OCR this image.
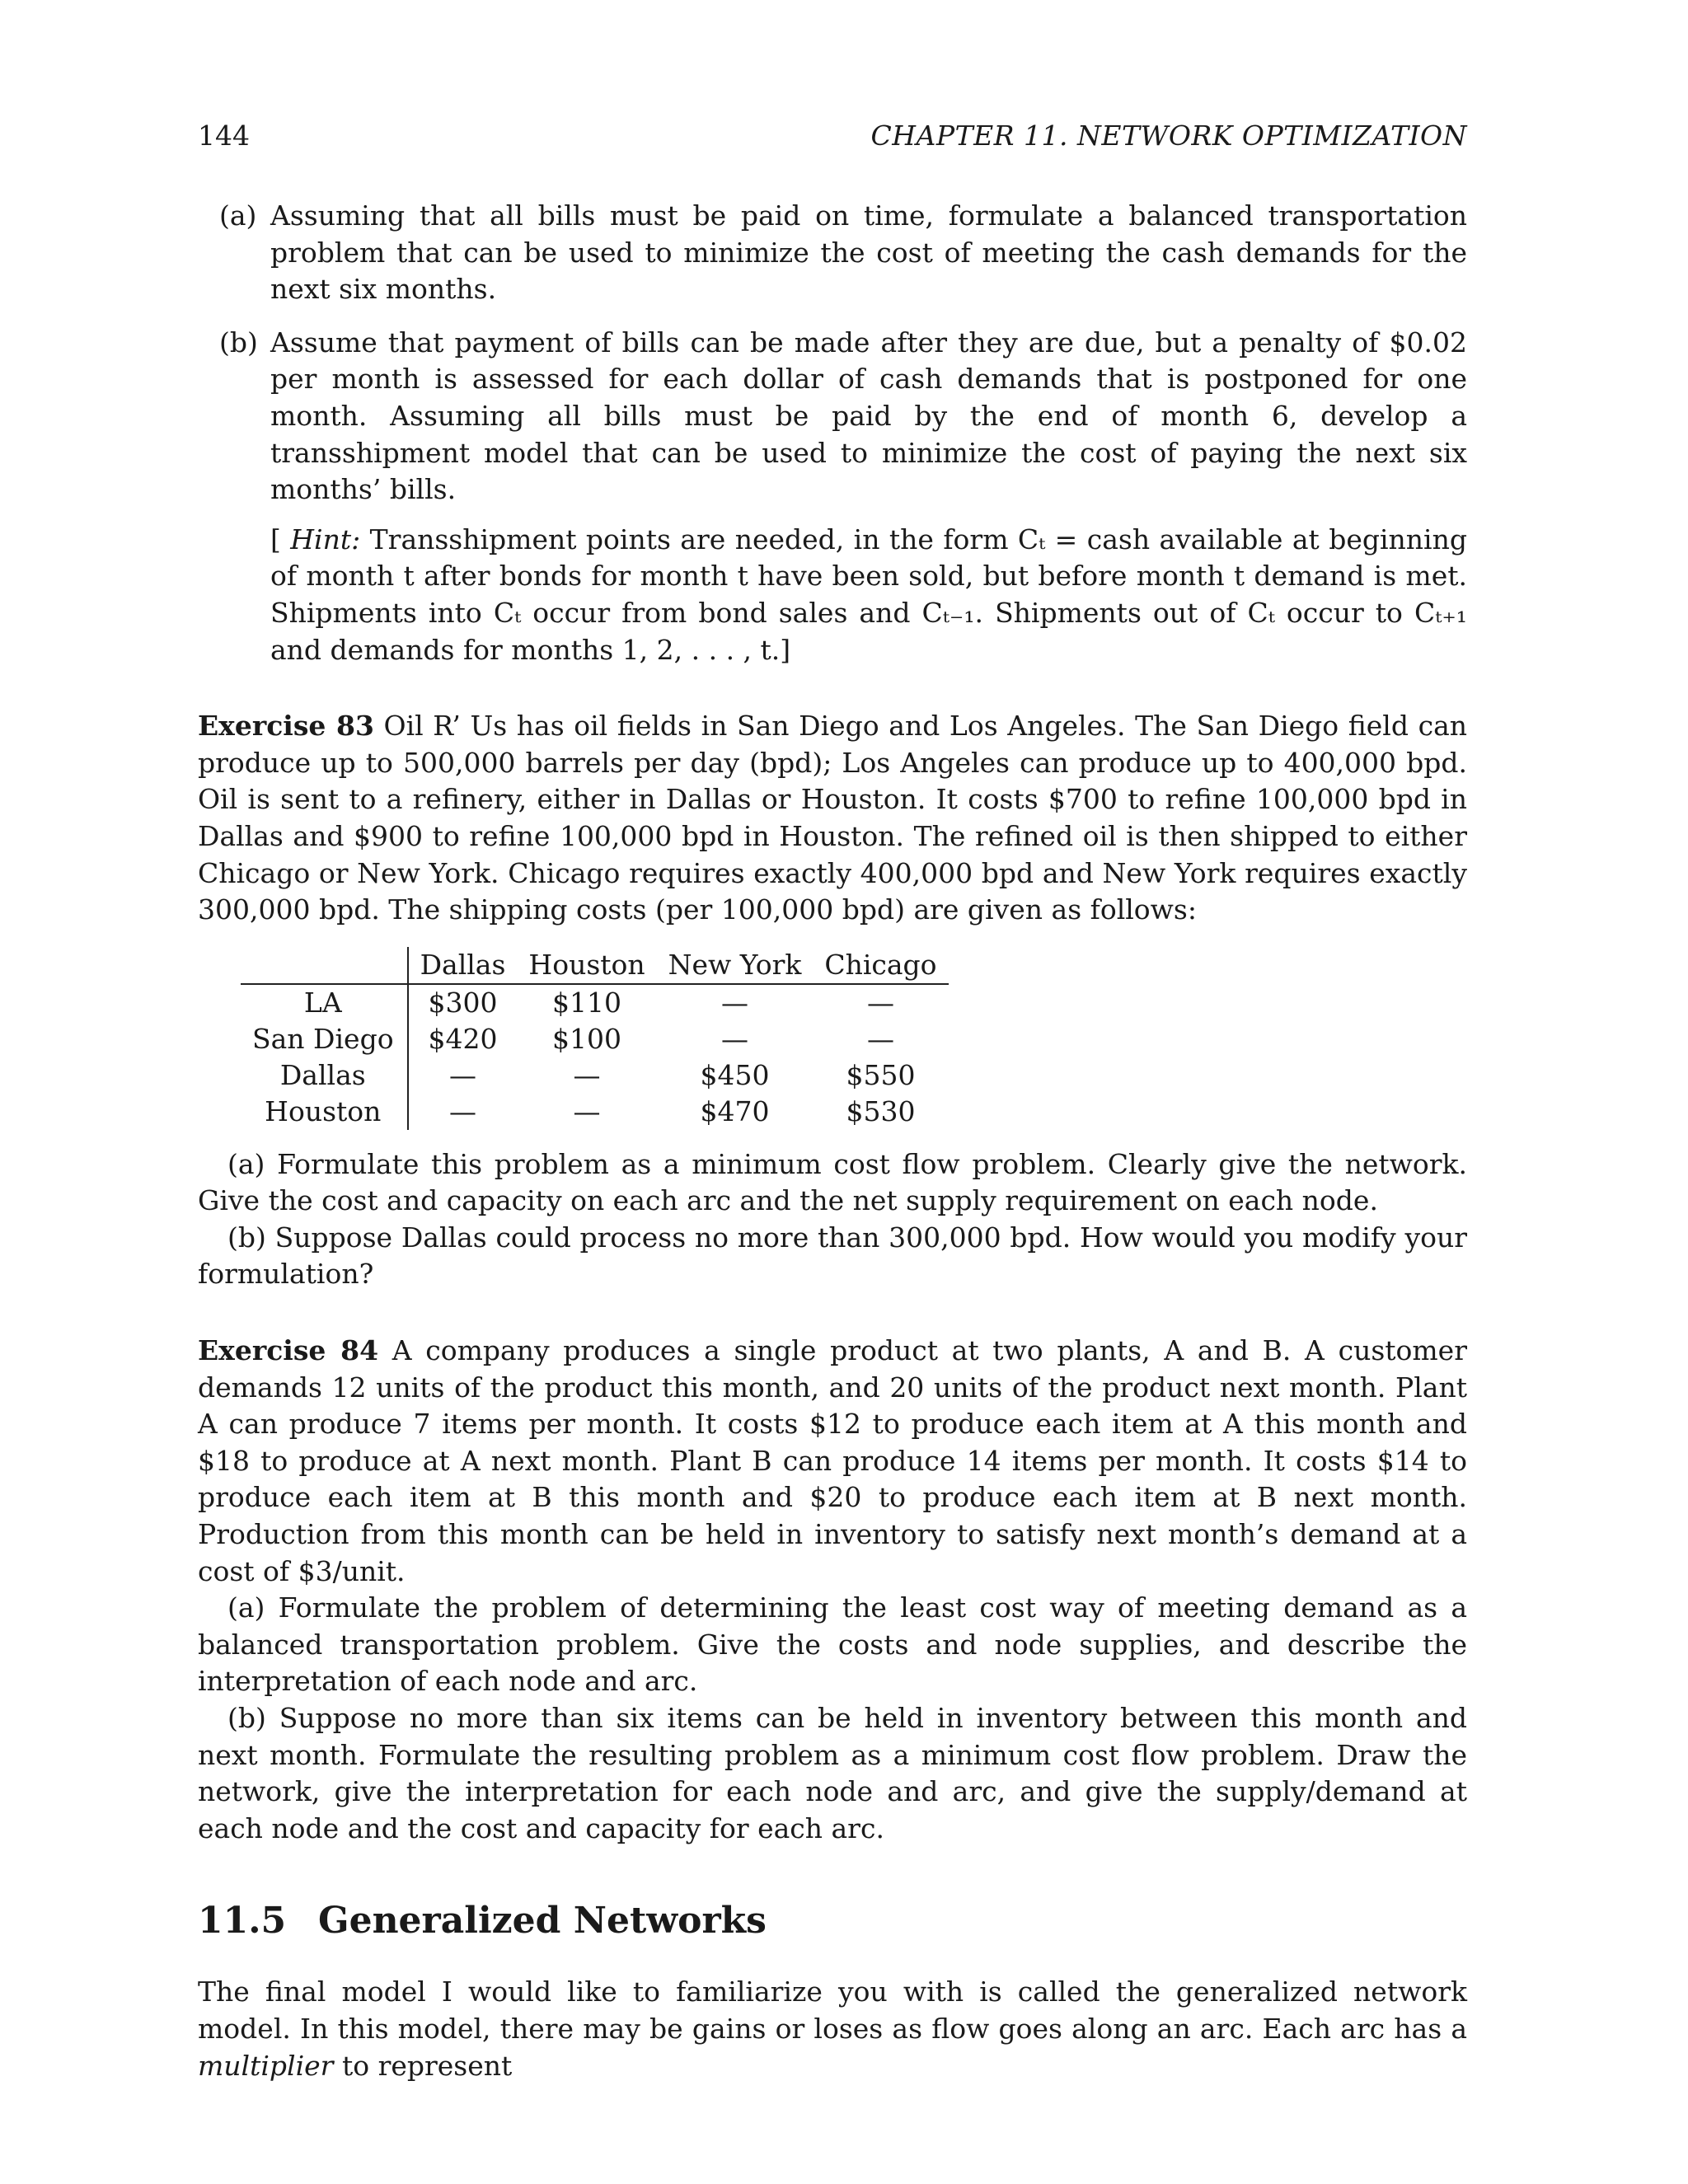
144	CHAPTER 11. NETWORK OPTIMIZATION
(a) Assuming that all bills must be paid on time, formulate a balanced transportation problem that can be used to minimize the cost of meeting the cash demands for the next six months.
(b) Assume that payment of bills can be made after they are due, but a penalty of $0.02 per month is assessed for each dollar of cash demands that is postponed for one month. Assuming all bills must be paid by the end of month 6, develop a transshipment model that can be used to minimize the cost of paying the next six months’ bills.
[ Hint: Transshipment points are needed, in the form Cₜ = cash available at beginning of month t after bonds for month t have been sold, but before month t demand is met. Shipments into Cₜ occur from bond sales and Cₜ₋₁. Shipments out of Cₜ occur to Cₜ₊₁ and demands for months 1, 2, . . . , t.]
Exercise 83 Oil R’ Us has oil fields in San Diego and Los Angeles. The San Diego field can produce up to 500,000 barrels per day (bpd); Los Angeles can produce up to 400,000 bpd. Oil is sent to a refinery, either in Dallas or Houston. It costs $700 to refine 100,000 bpd in Dallas and $900 to refine 100,000 bpd in Houston. The refined oil is then shipped to either Chicago or New York. Chicago requires exactly 400,000 bpd and New York requires exactly 300,000 bpd. The shipping costs (per 100,000 bpd) are given as follows:
	Dallas	Houston	New York	Chicago
LA	$300	$110	—	—
San Diego	$420	$100	—	—
Dallas	—	—	$450	$550
Houston	—	—	$470	$530
(a) Formulate this problem as a minimum cost flow problem. Clearly give the network. Give the cost and capacity on each arc and the net supply requirement on each node.
(b) Suppose Dallas could process no more than 300,000 bpd. How would you modify your formulation?
Exercise 84 A company produces a single product at two plants, A and B. A customer demands 12 units of the product this month, and 20 units of the product next month. Plant A can produce 7 items per month. It costs $12 to produce each item at A this month and $18 to produce at A next month. Plant B can produce 14 items per month. It costs $14 to produce each item at B this month and $20 to produce each item at B next month. Production from this month can be held in inventory to satisfy next month’s demand at a cost of $3/unit.
(a) Formulate the problem of determining the least cost way of meeting demand as a balanced transportation problem. Give the costs and node supplies, and describe the interpretation of each node and arc.
(b) Suppose no more than six items can be held in inventory between this month and next month. Formulate the resulting problem as a minimum cost flow problem. Draw the network, give the interpretation for each node and arc, and give the supply/demand at each node and the cost and capacity for each arc.
11.5 Generalized Networks
The final model I would like to familiarize you with is called the generalized network model. In this model, there may be gains or loses as flow goes along an arc. Each arc has a multiplier to represent
